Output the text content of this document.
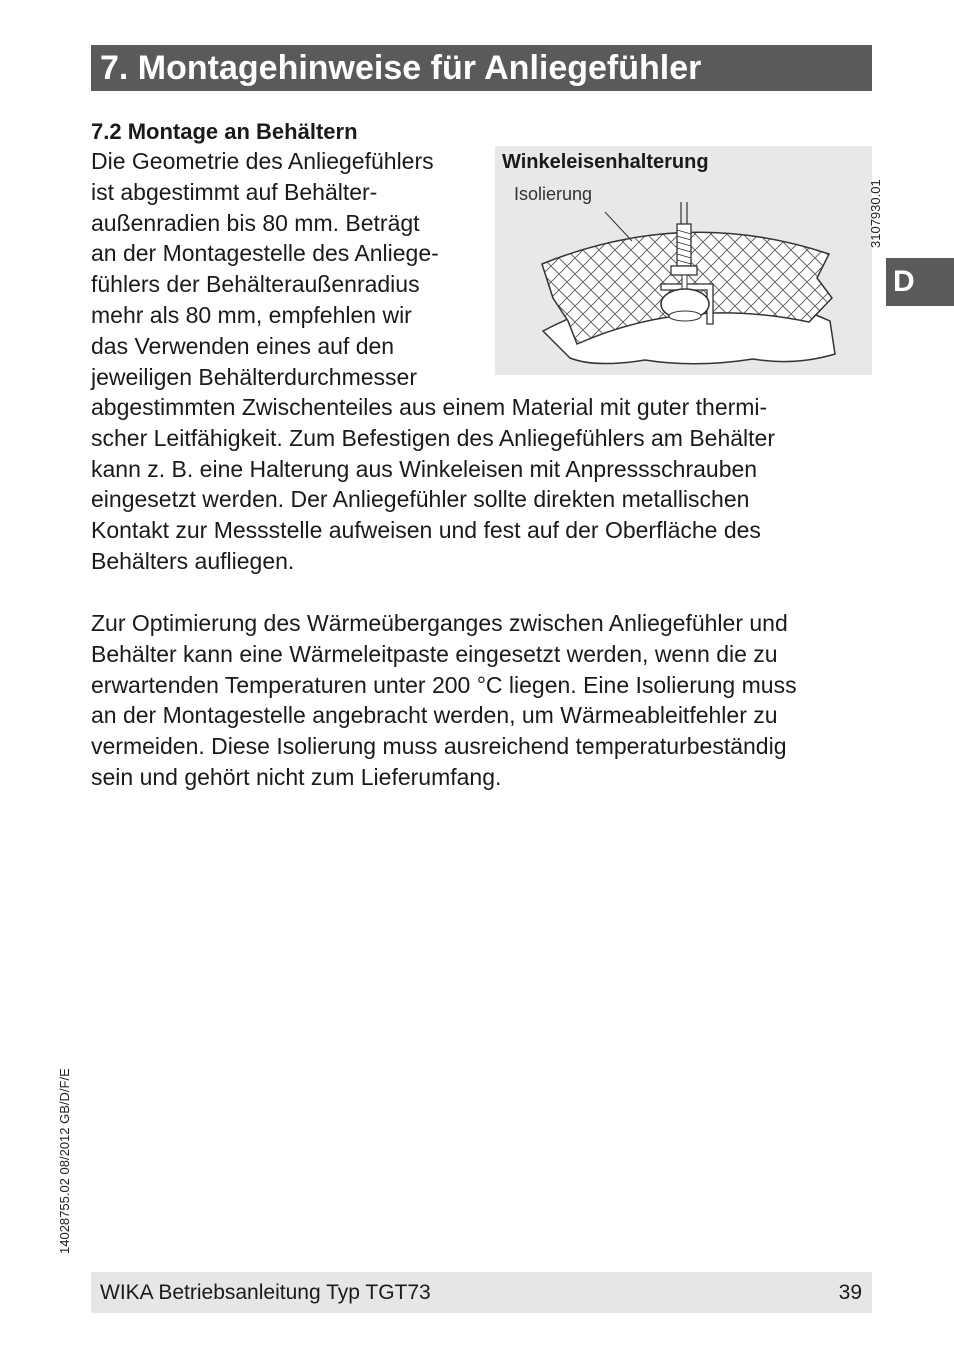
7. Montagehinweise für Anliegefühler
7.2 Montage an Behältern
Die Geometrie des Anliegefühlers
ist abgestimmt auf Behälter-
außenradien bis 80 mm. Beträgt
an der Montagestelle des Anliege-
fühlers der Behälteraußenradius
mehr als 80 mm, empfehlen wir
das Verwenden eines auf den
jeweiligen Behälterdurchmesser
Winkeleisenhalterung
Isolierung	3107930.01
D
abgestimmten Zwischenteiles aus einem Material mit guter thermi-
scher Leitfähigkeit. Zum Befestigen des Anliegefühlers am Behälter
kann z. B. eine Halterung aus Winkeleisen mit Anpressschrauben
eingesetzt werden. Der Anliegefühler sollte direkten metallischen
Kontakt zur Messstelle aufweisen und fest auf der Oberfläche des
Behälters aufliegen.
Zur Optimierung des Wärmeüberganges zwischen Anliegefühler und
Behälter kann eine Wärmeleitpaste eingesetzt werden, wenn die zu
erwartenden Temperaturen unter 200 °C liegen. Eine Isolierung muss
an der Montagestelle angebracht werden, um Wärmeableitfehler zu
vermeiden. Diese Isolierung muss ausreichend temperaturbeständig
sein und gehört nicht zum Lieferumfang.
14028755.02 08/2012 GB/D/F/E
WIKA Betriebsanleitung Typ TGT73	39
